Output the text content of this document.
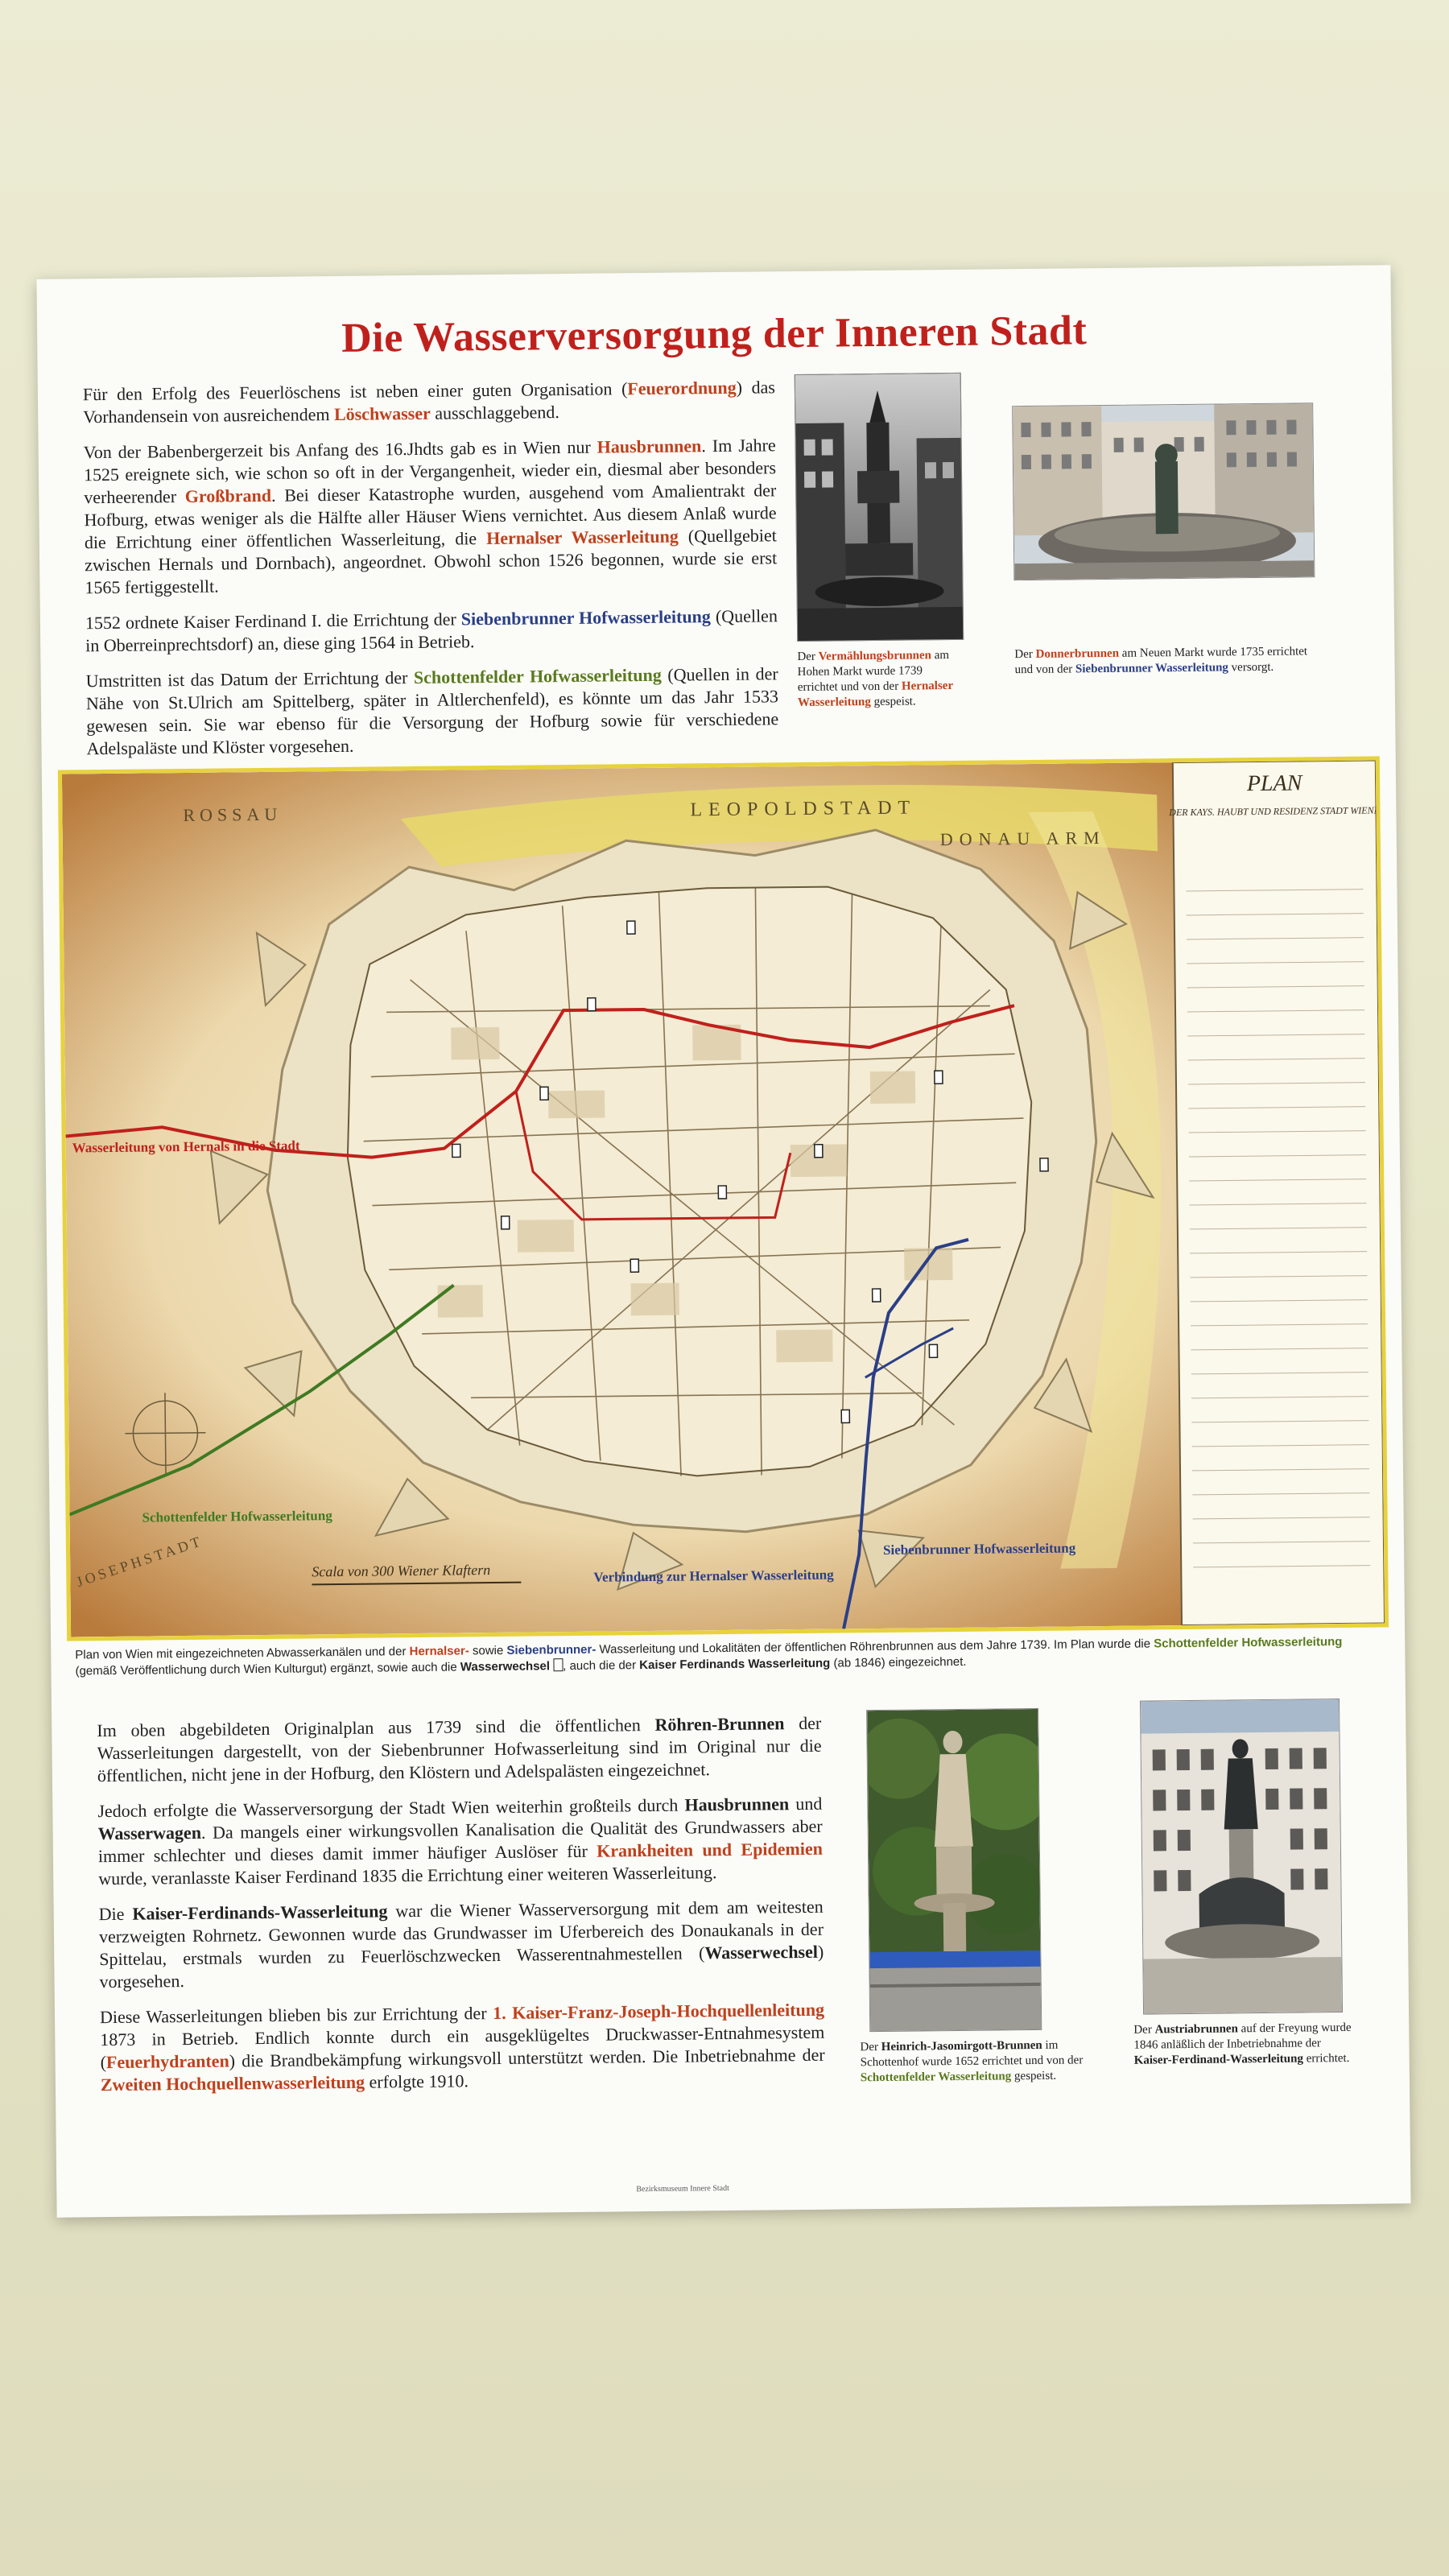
Die Wasserversorgung der Inneren Stadt

Für den Erfolg des Feuerlöschens ist neben einer guten Organisation (Feuerordnung) das Vorhandensein von ausreichendem Löschwasser ausschlaggebend.

Von der Babenbergerzeit bis Anfang des 16.Jhdts gab es in Wien nur Hausbrunnen. Im Jahre 1525 ereignete sich, wie schon so oft in der Vergangenheit, wieder ein, diesmal aber besonders verheerender Großbrand. Bei dieser Katastrophe wurden, ausgehend vom Amalientrakt der Hofburg, etwas weniger als die Hälfte aller Häuser Wiens vernichtet. Aus diesem Anlaß wurde die Errichtung einer öffentlichen Wasserleitung, die Hernalser Wasserleitung (Quellgebiet zwischen Hernals und Dornbach), angeordnet. Obwohl schon 1526 begonnen, wurde sie erst 1565 fertiggestellt.

1552 ordnete Kaiser Ferdinand I. die Errichtung der Siebenbrunner Hofwasserleitung (Quellen in Oberreinprechtsdorf) an, diese ging 1564 in Betrieb.

Umstritten ist das Datum der Errichtung der Schottenfelder Hofwasserleitung (Quellen in der Nähe von St.Ulrich am Spittelberg, später in Altlerchenfeld), es könnte um das Jahr 1533 gewesen sein. Sie war ebenso für die Versorgung der Hofburg sowie für verschiedene Adelspaläste und Klöster vorgesehen.

Der Vermählungsbrunnen am Hohen Markt wurde 1739 errichtet und von der Hernalser Wasserleitung gespeist.
Der Donnerbrunnen am Neuen Markt wurde 1735 errichtet und von der Siebenbrunner Wasserleitung versorgt.
PLAN
DER KAYS. HAUBT UND RESIDENZ STADT WIENN
ROSSAU	LEOPOLDSTADT
DONAU ARM
JOSEPHSTADT	Scala von 300 Wiener Klaftern
Wasserleitung von Hernals in die Stadt
Schottenfelder Hofwasserleitung
Siebenbrunner Hofwasserleitung
Verbindung zur Hernalser Wasserleitung
Plan von Wien mit eingezeichneten Abwasserkanälen und der Hernalser- sowie Siebenbrunner- Wasserleitung und Lokalitäten der öffentlichen Röhrenbrunnen aus dem Jahre 1739. Im Plan wurde die Schottenfelder Hofwasserleitung (gemäß Veröffentlichung durch Wien Kulturgut) ergänzt, sowie auch die Wasserwechsel , auch die der Kaiser Ferdinands Wasserleitung (ab 1846) eingezeichnet.

Im oben abgebildeten Originalplan aus 1739 sind die öffentlichen Röhren-Brunnen der Wasserleitungen dargestellt, von der Siebenbrunner Hofwasserleitung sind im Original nur die öffentlichen, nicht jene in der Hofburg, den Klöstern und Adelspalästen eingezeichnet.

Jedoch erfolgte die Wasserversorgung der Stadt Wien weiterhin großteils durch Hausbrunnen und Wasserwagen. Da mangels einer wirkungsvollen Kanalisation die Qualität des Grundwassers aber immer schlechter und dieses damit immer häufiger Auslöser für Krankheiten und Epidemien wurde, veranlasste Kaiser Ferdinand 1835 die Errichtung einer weiteren Wasserleitung.

Die Kaiser-Ferdinands-Wasserleitung war die Wiener Wasserversorgung mit dem am weitesten verzweigten Rohrnetz. Gewonnen wurde das Grundwasser im Uferbereich des Donaukanals in der Spittelau, erstmals wurden zu Feuerlöschzwecken Wasserentnahmestellen (Wasserwechsel) vorgesehen.

Diese Wasserleitungen blieben bis zur Errichtung der 1. Kaiser-Franz-Joseph-Hochquellenleitung 1873 in Betrieb. Endlich konnte durch ein ausgeklügeltes Druckwasser-Entnahmesystem (Feuerhydranten) die Brandbekämpfung wirkungsvoll unterstützt werden. Die Inbetriebnahme der Zweiten Hochquellenwasserleitung erfolgte 1910.

Der Heinrich-Jasomirgott-Brunnen im Schottenhof wurde 1652 errichtet und von der Schottenfelder Wasserleitung gespeist.
Der Austriabrunnen auf der Freyung wurde 1846 anläßlich der Inbetriebnahme der Kaiser-Ferdinand-Wasserleitung errichtet.
Bezirksmuseum Innere Stadt
